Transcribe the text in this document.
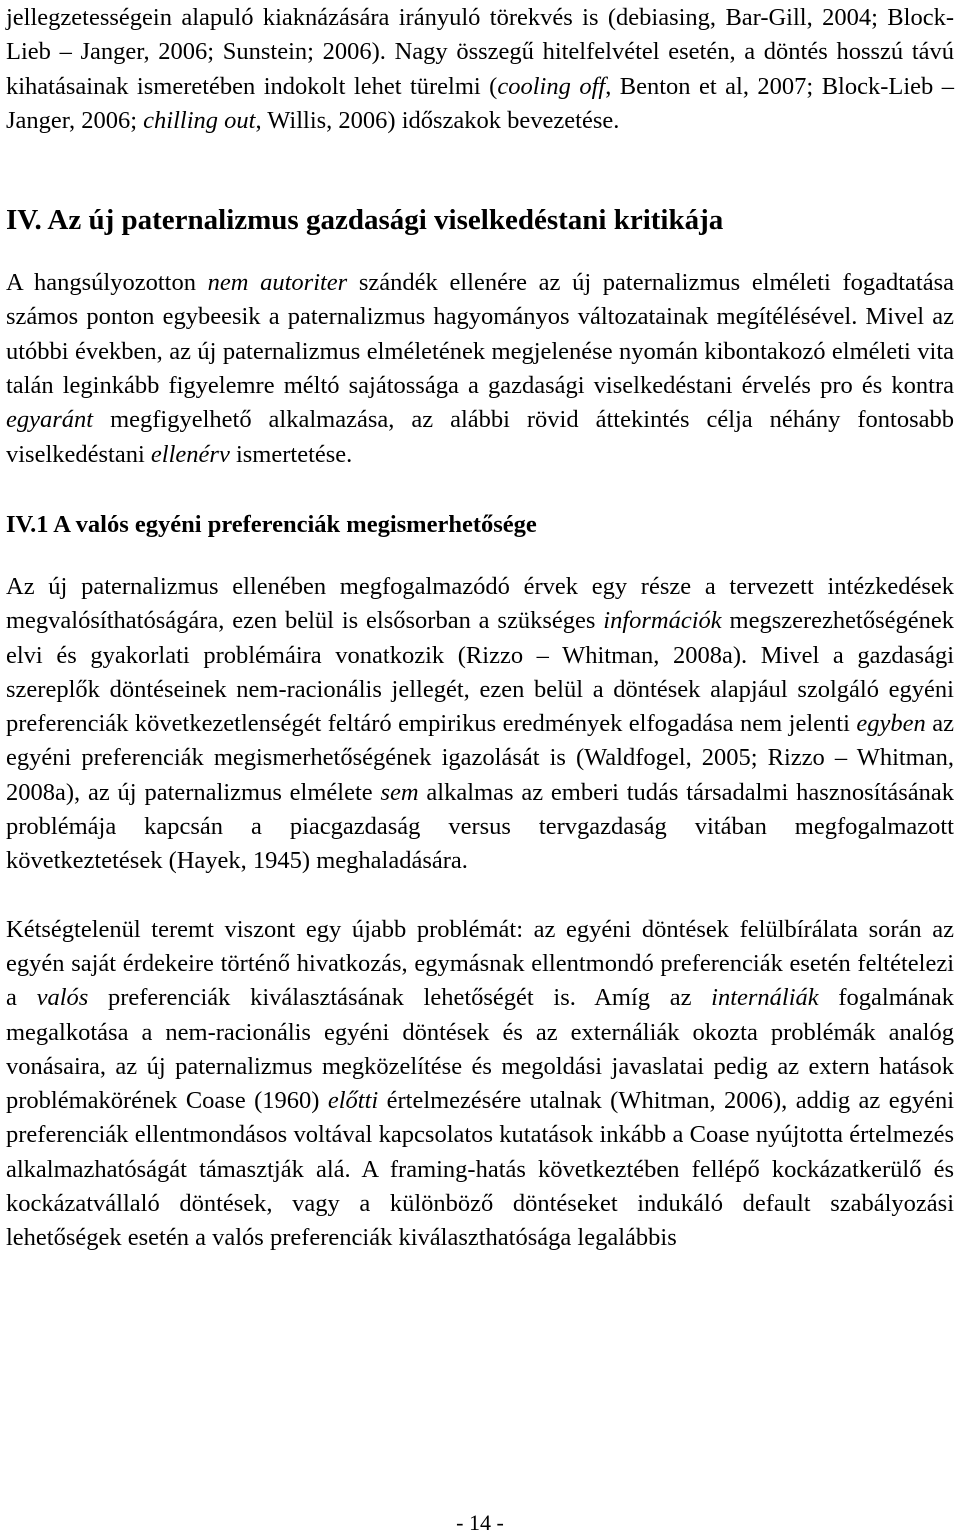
jellegzetességein alapuló kiaknázására irányuló törekvés is (debiasing, Bar-Gill, 2004; Block-Lieb – Janger, 2006; Sunstein; 2006). Nagy összegű hitelfelvétel esetén, a döntés hosszú távú kihatásainak ismeretében indokolt lehet türelmi (cooling off, Benton et al, 2007; Block-Lieb – Janger, 2006; chilling out, Willis, 2006) időszakok bevezetése.

IV. Az új paternalizmus gazdasági viselkedéstani kritikája

A hangsúlyozotton nem autoriter szándék ellenére az új paternalizmus elméleti fogadtatása számos ponton egybeesik a paternalizmus hagyományos változatainak megítélésével. Mivel az utóbbi években, az új paternalizmus elméletének megjelenése nyomán kibontakozó elméleti vita talán leginkább figyelemre méltó sajátossága a gazdasági viselkedéstani érvelés pro és kontra egyaránt megfigyelhető alkalmazása, az alábbi rövid áttekintés célja néhány fontosabb viselkedéstani ellenérv ismertetése.

IV.1 A valós egyéni preferenciák megismerhetősége

Az új paternalizmus ellenében megfogalmazódó érvek egy része a tervezett intézkedések megvalósíthatóságára, ezen belül is elsősorban a szükséges információk megszerezhetőségének elvi és gyakorlati problémáira vonatkozik (Rizzo – Whitman, 2008a). Mivel a gazdasági szereplők döntéseinek nem-racionális jellegét, ezen belül a döntések alapjául szolgáló egyéni preferenciák következetlenségét feltáró empirikus eredmények elfogadása nem jelenti egyben az egyéni preferenciák megismerhetőségének igazolását is (Waldfogel, 2005; Rizzo – Whitman, 2008a), az új paternalizmus elmélete sem alkalmas az emberi tudás társadalmi hasznosításának problémája kapcsán a piacgazdaság versus tervgazdaság vitában megfogalmazott következtetések (Hayek, 1945) meghaladására.

Kétségtelenül teremt viszont egy újabb problémát: az egyéni döntések felülbírálata során az egyén saját érdekeire történő hivatkozás, egymásnak ellentmondó preferenciák esetén feltételezi a valós preferenciák kiválasztásának lehetőségét is. Amíg az internáliák fogalmának megalkotása a nem-racionális egyéni döntések és az externáliák okozta problémák analóg vonásaira, az új paternalizmus megközelítése és megoldási javaslatai pedig az extern hatások problémakörének Coase (1960) előtti értelmezésére utalnak (Whitman, 2006), addig az egyéni preferenciák ellentmondásos voltával kapcsolatos kutatások inkább a Coase nyújtotta értelmezés alkalmazhatóságát támasztják alá. A framing-hatás következtében fellépő kockázatkerülő és kockázatvállaló döntések, vagy a különböző döntéseket indukáló default szabályozási lehetőségek esetén a valós preferenciák kiválaszthatósága legalábbis

- 14 -
